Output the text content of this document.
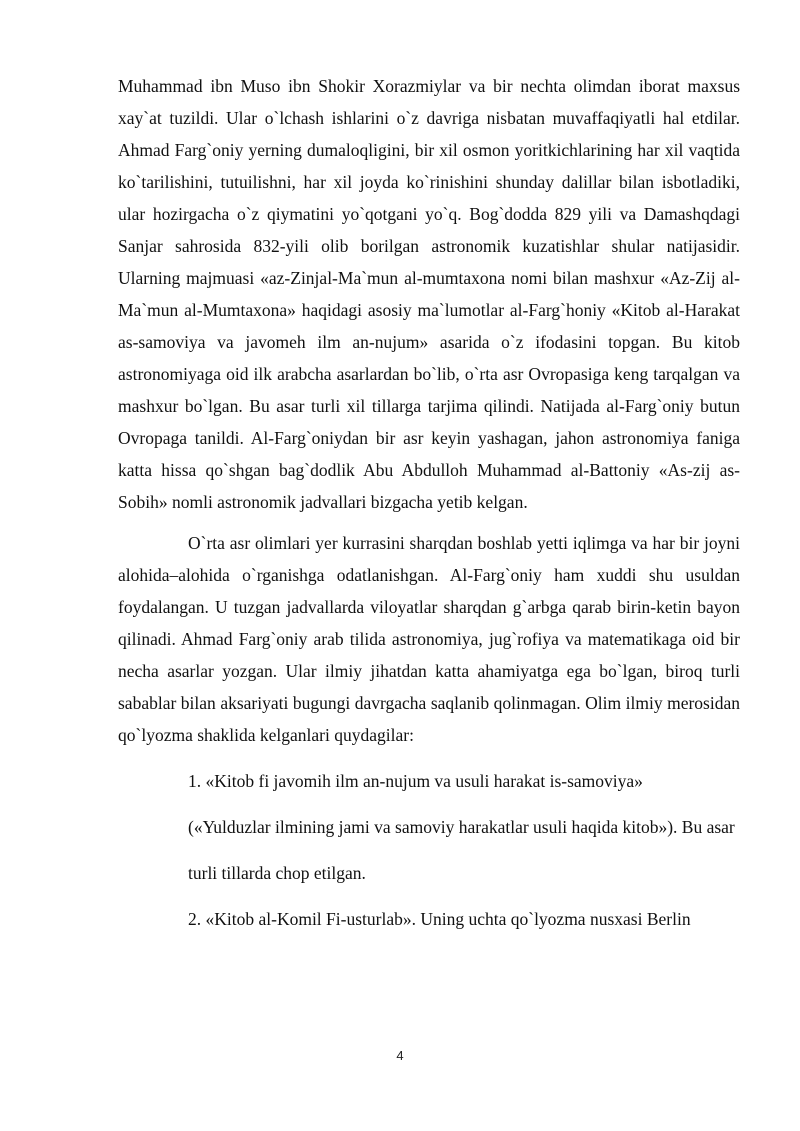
Muhammad ibn Muso ibn Shokir Xorazmiylar va bir nechta olimdan iborat maxsus xay`at tuzildi. Ular o`lchash ishlarini o`z davriga nisbatan muvaffaqiyatli hal etdilar. Ahmad Farg`oniy yerning dumaloqligini, bir xil osmon yoritkichlarining har xil vaqtida ko`tarilishini, tutuilishni, har xil joyda ko`rinishini shunday dalillar bilan isbotladiki, ular hozirgacha o`z qiymatini yo`qotgani yo`q. Bog`dodda 829 yili va Damashqdagi Sanjar sahrosida 832-yili olib borilgan astronomik kuzatishlar shular natijasidir. Ularning majmuasi «az-Zinjal-Ma`mun al-mumtaxona nomi bilan mashxur «Az-Zij al-Ma`mun al-Mumtaxona» haqidagi asosiy ma`lumotlar al-Farg`honiy «Kitob al-Harakat as-samoviya va javomeh ilm an-nujum» asarida o`z ifodasini topgan. Bu kitob astronomiyaga oid ilk arabcha asarlardan bo`lib, o`rta asr Ovropasiga keng tarqalgan va mashxur bo`lgan. Bu asar turli xil tillarga tarjima qilindi. Natijada al-Farg`oniy butun Ovropaga tanildi. Al-Farg`oniydan bir asr keyin yashagan, jahon astronomiya faniga katta hissa qo`shgan bag`dodlik Abu Abdulloh Muhammad al-Battoniy «As-zij as-Sobih» nomli astronomik jadvallari bizgacha yetib kelgan.

O`rta asr olimlari yer kurrasini sharqdan boshlab yetti iqlimga va har bir joyni alohida–alohida o`rganishga odatlanishgan. Al-Farg`oniy ham xuddi shu usuldan foydalangan. U tuzgan jadvallarda viloyatlar sharqdan g`arbga qarab birin-ketin bayon qilinadi. Ahmad Farg`oniy arab tilida astronomiya, jug`rofiya va matematikaga oid bir necha asarlar yozgan. Ular ilmiy jihatdan katta ahamiyatga ega bo`lgan, biroq turli sabablar bilan aksariyati bugungi davrgacha saqlanib qolinmagan. Olim ilmiy merosidan qo`lyozma shaklida kelganlari quydagilar:

1. «Kitob fi javomih ilm an-nujum va usuli harakat is-samoviya»

(«Yulduzlar ilmining jami va samoviy harakatlar usuli haqida kitob»). Bu asar

turli tillarda chop etilgan.

2. «Kitob al-Komil Fi-usturlab». Uning uchta qo`lyozma nusxasi Berlin

4
